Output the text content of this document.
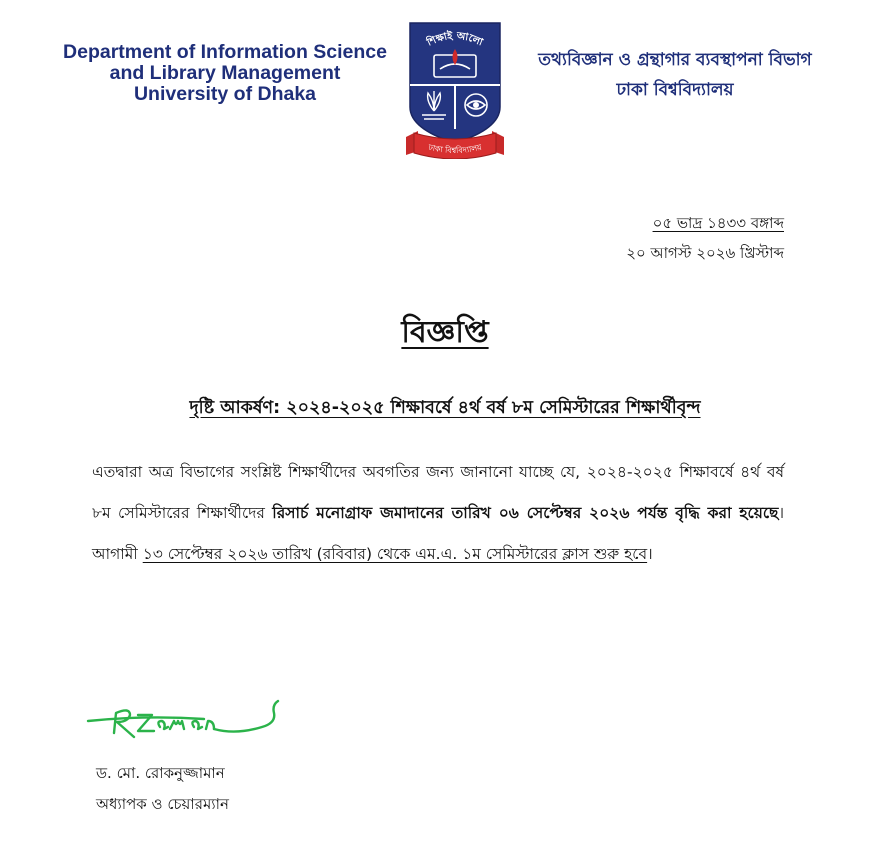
Department of Information Science
and Library Management
University of Dhaka
শিক্ষাই আলো
ঢাকা বিশ্ববিদ্যালয়
তথ্যবিজ্ঞান ও গ্রন্থাগার ব্যবস্থাপনা বিভাগ
ঢাকা বিশ্ববিদ্যালয়
০৫ ভাদ্র ১৪৩৩ বঙ্গাব্দ
২০ আগস্ট ২০২৬ খ্রিস্টাব্দ
বিজ্ঞপ্তি
দৃষ্টি আকর্ষণ: ২০২৪-২০২৫ শিক্ষাবর্ষে ৪র্থ বর্ষ ৮ম সেমিস্টারের শিক্ষার্থীবৃন্দ
এতদ্বারা অত্র বিভাগের সংশ্লিষ্ট শিক্ষার্থীদের অবগতির জন্য জানানো যাচ্ছে যে, ২০২৪-২০২৫ শিক্ষাবর্ষে ৪র্থ বর্ষ ৮ম সেমিস্টারের শিক্ষার্থীদের রিসার্চ মনোগ্রাফ জমাদানের তারিখ ০৬ সেপ্টেম্বর ২০২৬ পর্যন্ত বৃদ্ধি করা হয়েছে। আগামী ১৩ সেপ্টেম্বর ২০২৬ তারিখ (রবিবার) থেকে এম.এ. ১ম সেমিস্টারের ক্লাস শুরু হবে।
ড. মো. রোকনুজ্জামান
অধ্যাপক ও চেয়ারম্যান
